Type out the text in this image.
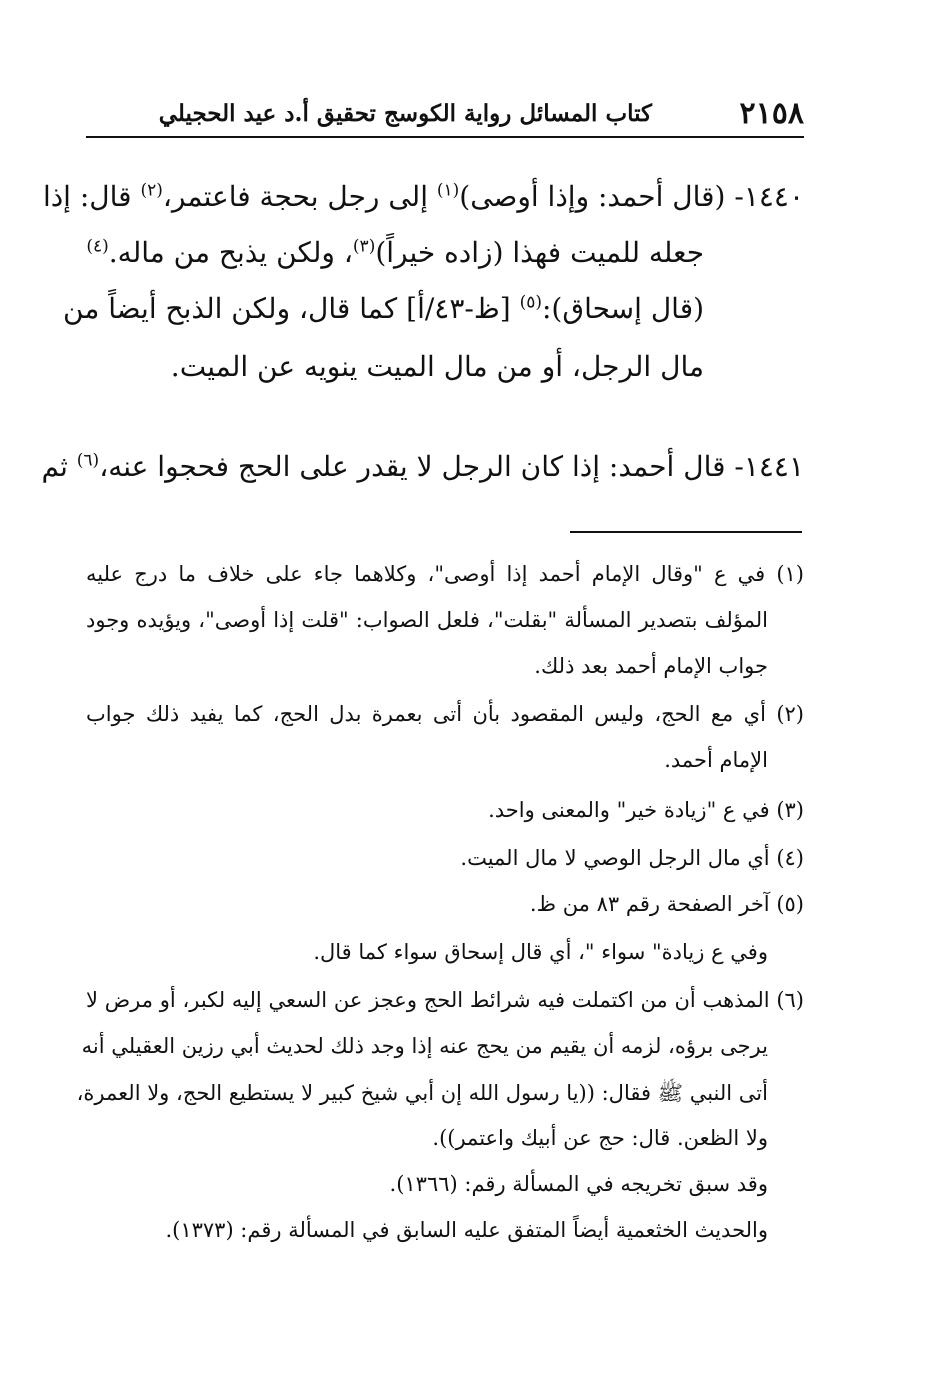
٢١٥٨
كتاب المسائل رواية الكوسج تحقيق أ.د عيد الحجيلي
١٤٤٠- (قال أحمد: وإذا أوصى)$^{(١)}$ إلى رجل بحجة فاعتمر،$^{(٢)}$ قال: إذا
جعله للميت فهذا (زاده خيراً)$^{(٣)}$، ولكن يذبح من ماله.$^{(٤)}$
(قال إسحاق):$^{(٥)}$ [ظ-٤٣/أ] كما قال، ولكن الذبح أيضاً من
مال الرجل، أو من مال الميت ينويه عن الميت.
١٤٤١- قال أحمد: إذا كان الرجل لا يقدر على الحج فحجوا عنه،$^{(٦)}$ ثم
(١) في ع "وقال الإمام أحمد إذا أوصى"، وكلاهما جاء على خلاف ما درج عليه
المؤلف بتصدير المسألة "بقلت"، فلعل الصواب: "قلت إذا أوصى"، ويؤيده وجود
جواب الإمام أحمد بعد ذلك.
(٢) أي مع الحج، وليس المقصود بأن أتى بعمرة بدل الحج، كما يفيد ذلك جواب
الإمام أحمد.
(٣) في ع "زيادة خير" والمعنى واحد.
(٤) أي مال الرجل الوصي لا مال الميت.
(٥) آخر الصفحة رقم ٨٣ من ظ.
وفي ع زيادة" سواء "، أي قال إسحاق سواء كما قال.
(٦) المذهب أن من اكتملت فيه شرائط الحج وعجز عن السعي إليه لكبر، أو مرض لا
يرجى برؤه، لزمه أن يقيم من يحج عنه إذا وجد ذلك لحديث أبي رزين العقيلي أنه
أتى النبي ﷺ فقال: ((يا رسول الله إن أبي شيخ كبير لا يستطيع الحج، ولا العمرة،
ولا الظعن. قال: حج عن أبيك واعتمر)).
وقد سبق تخريجه في المسألة رقم: (١٣٦٦).
والحديث الخثعمية أيضاً المتفق عليه السابق في المسألة رقم: (١٣٧٣).
